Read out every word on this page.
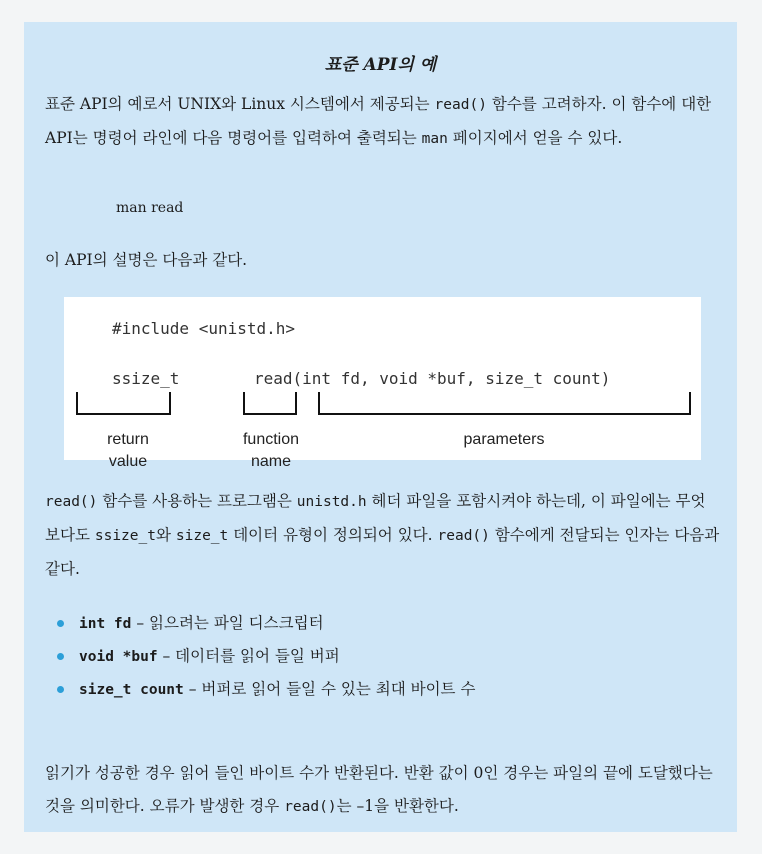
표준 API의 예

표준 API의 예로서 UNIX와 Linux 시스템에서 제공되는 read() 함수를 고려하자. 이 함수에 대한 API는 명령어 라인에 다음 명령어를 입력하여 출력되는 man 페이지에서 얻을 수 있다.

man read

이 API의 설명은 다음과 같다.

#include <unistd.h>
ssize_t	read(int fd, void *buf, size_t count)
return value
function name
parameters

read() 함수를 사용하는 프로그램은 unistd.h 헤더 파일을 포함시켜야 하는데, 이 파일에는 무엇보다도 ssize_t와 size_t 데이터 유형이 정의되어 있다. read() 함수에게 전달되는 인자는 다음과 같다.

int fd – 읽으려는 파일 디스크립터
void *buf – 데이터를 읽어 들일 버퍼
size_t count – 버퍼로 읽어 들일 수 있는 최대 바이트 수

읽기가 성공한 경우 읽어 들인 바이트 수가 반환된다. 반환 값이 0인 경우는 파일의 끝에 도달했다는 것을 의미한다. 오류가 발생한 경우 read()는 –1을 반환한다.
